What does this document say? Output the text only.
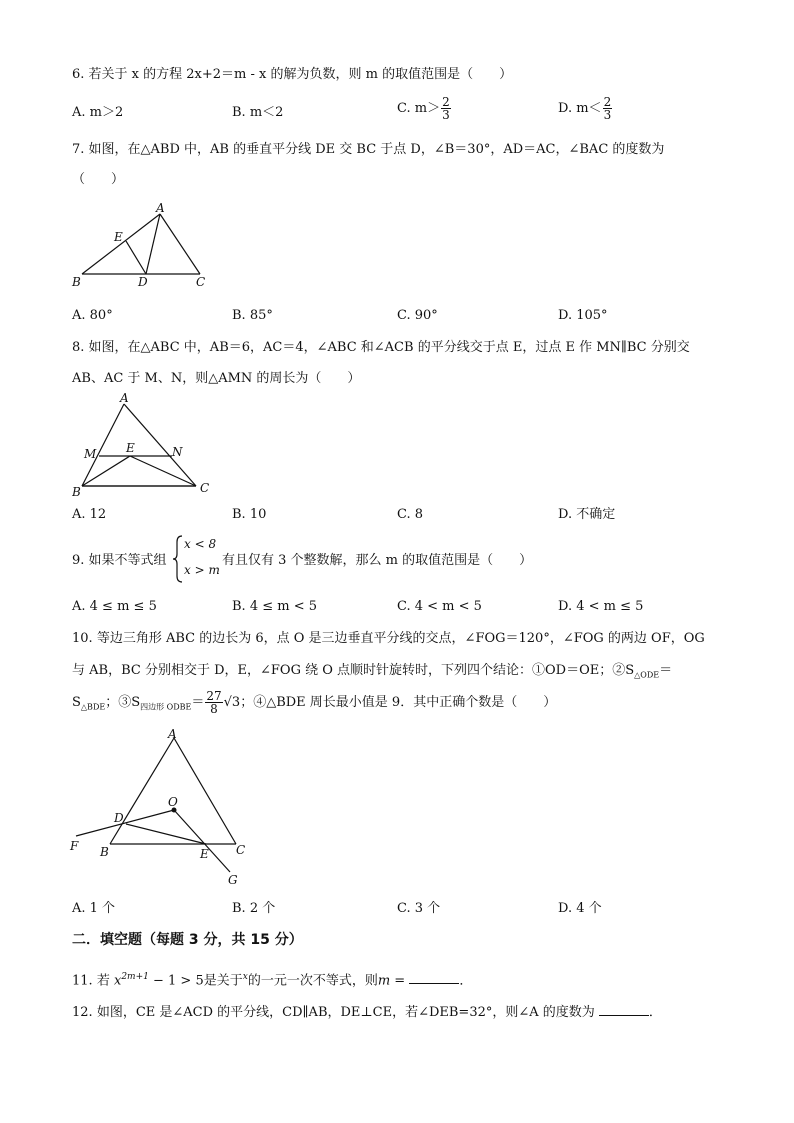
6. 若关于 x 的方程 2x+2＝m - x 的解为负数，则 m 的取值范围是（　　）
A. m＞2	B. m＜2	C. $m> \frac{2}{3}$	D. $m< \frac{2}{3}$
7. 如图，在△ABD 中，AB 的垂直平分线 DE 交 BC 于点 D，∠B＝30°，AD＝AC，∠BAC 的度数为
（　　）
A
E
B	D	C
A. 80°	B. 85°	C. 90°	D. 105°
8. 如图，在△ABC 中，AB＝6，AC＝4，∠ABC 和∠ACB 的平分线交于点 E，过点 E 作 MN∥BC 分别交
AB、AC 于 M、N，则△AMN 的周长为（　　）
A
M E	N
B	C
A. 12	B. 10	C. 8	D. 不确定
9. 如果不等式组
x < 8
x > m
有且仅有 3 个整数解，那么 m 的取值范围是（　　）
A. 4 ≤ m ≤ 5	B. 4 ≤ m < 5	C. 4 < m < 5	D. 4 < m ≤ 5
10. 等边三角形 ABC 的边长为 6，点 O 是三边垂直平分线的交点，∠FOG＝120°，∠FOG 的两边 OF，OG
与 AB，BC 分别相交于 D，E，∠FOG 绕 O 点顺时针旋转时，下列四个结论：①OD＝OE；$②S_{\triangle ODE}=$
$S_{\triangle BDE}$；$③S_{四边形 ODBE}= \frac{27}{8} √3$；④△BDE 周长最小值是 9．其中正确个数是（　　）
A
O
D
F B	E C
G
A. 1 个	B. 2 个	C. 3 个	D. 4 个
二．填空题（每题 3 分，共 15 分）
11. 若 $x^{2m+1} - 1 > 5$是关于$^x$的一元一次不等式，则m =	．
12. 如图，CE 是∠ACD 的平分线，CD∥AB，DE⊥CE，若∠DEB=32°，则∠A 的度数为	．
